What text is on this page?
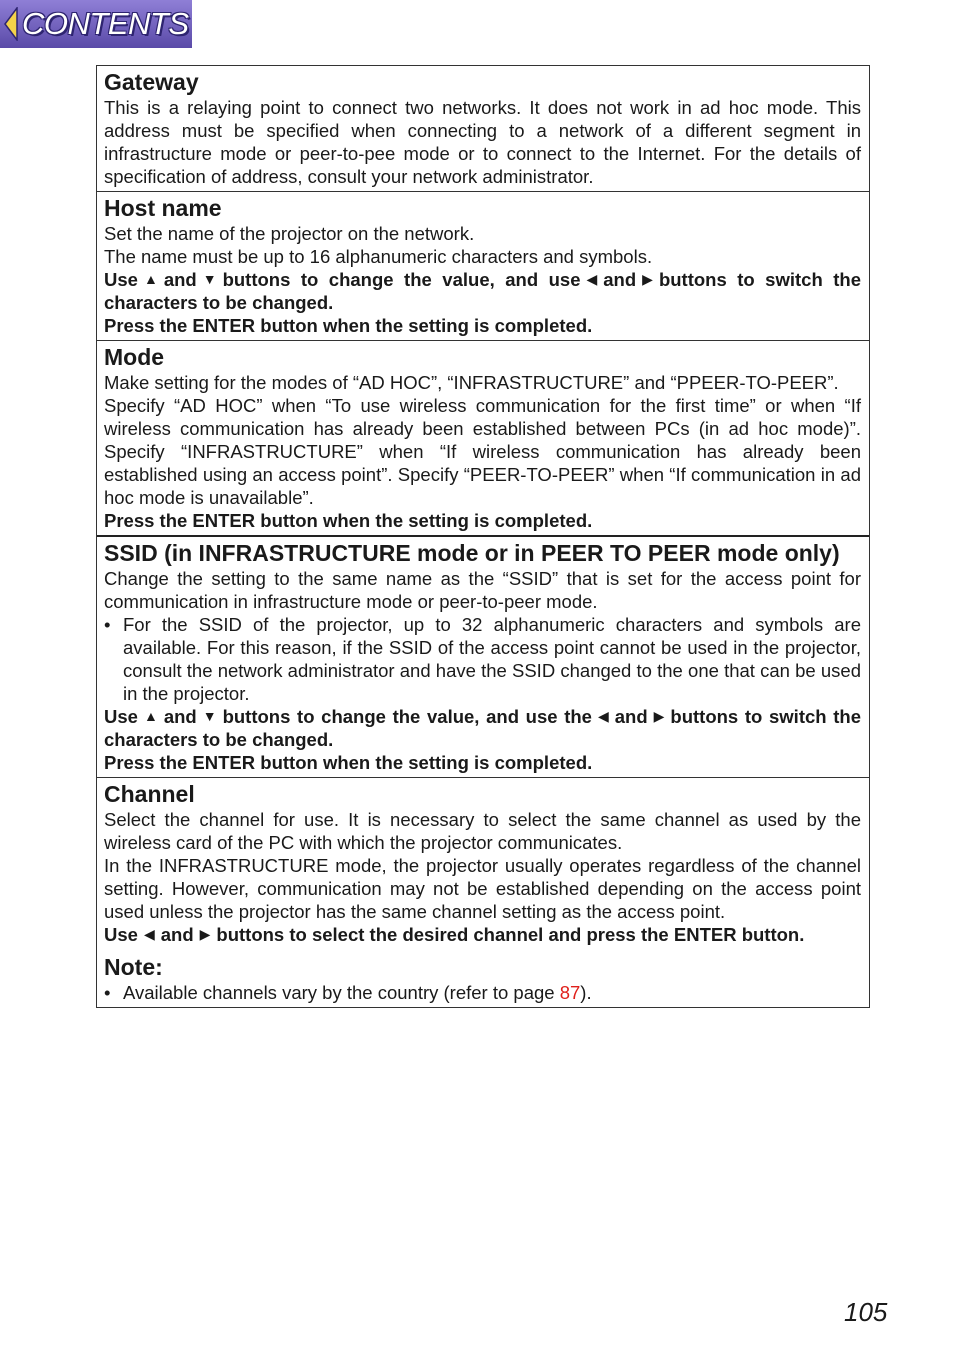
CONTENTS
Gateway

This is a relaying point to connect two networks. It does not work in ad hoc mode. This address must be specified when connecting to a network of a different segment in infrastructure mode or peer-to-pee mode or to connect to the Internet. For the details of specification of address, consult your network administrator.

Host name

Set the name of the projector on the network.

The name must be up to 16 alphanumeric characters and symbols.

Use ▲ and ▼ buttons to change the value, and use ◀ and ▶ buttons to switch the characters to be changed.

Press the ENTER button when the setting is completed.

Mode

Make setting for the modes of “AD HOC”, “INFRASTRUCTURE” and “PPEER-TO-PEER”.

Specify “AD HOC” when “To use wireless communication for the first time” or when “If wireless communication has already been established between PCs (in ad hoc mode)”. Specify “INFRASTRUCTURE” when “If wireless communication has already been established using an access point”. Specify “PEER-TO-PEER” when “If communication in ad hoc mode is unavailable”.

Press the ENTER button when the setting is completed.

SSID (in INFRASTRUCTURE mode or in PEER TO PEER mode only)

Change the setting to the same name as the “SSID” that is set for the access point for communication in infrastructure mode or peer-to-peer mode.

• For the SSID of the projector, up to 32 alphanumeric characters and symbols are available. For this reason, if the SSID of the access point cannot be used in the projector, consult the network administrator and have the SSID changed to the one that can be used in the projector.

Use ▲ and ▼ buttons to change the value, and use the ◀ and ▶ buttons to switch the characters to be changed.

Press the ENTER button when the setting is completed.

Channel

Select the channel for use. It is necessary to select the same channel as used by the wireless card of the PC with which the projector communicates.

In the INFRASTRUCTURE mode, the projector usually operates regardless of the channel setting. However, communication may not be established depending on the access point used unless the projector has the same channel setting as the access point.

Use ◀ and ▶ buttons to select the desired channel and press the ENTER button.

Note:
• Available channels vary by the country (refer to page 87).
105
